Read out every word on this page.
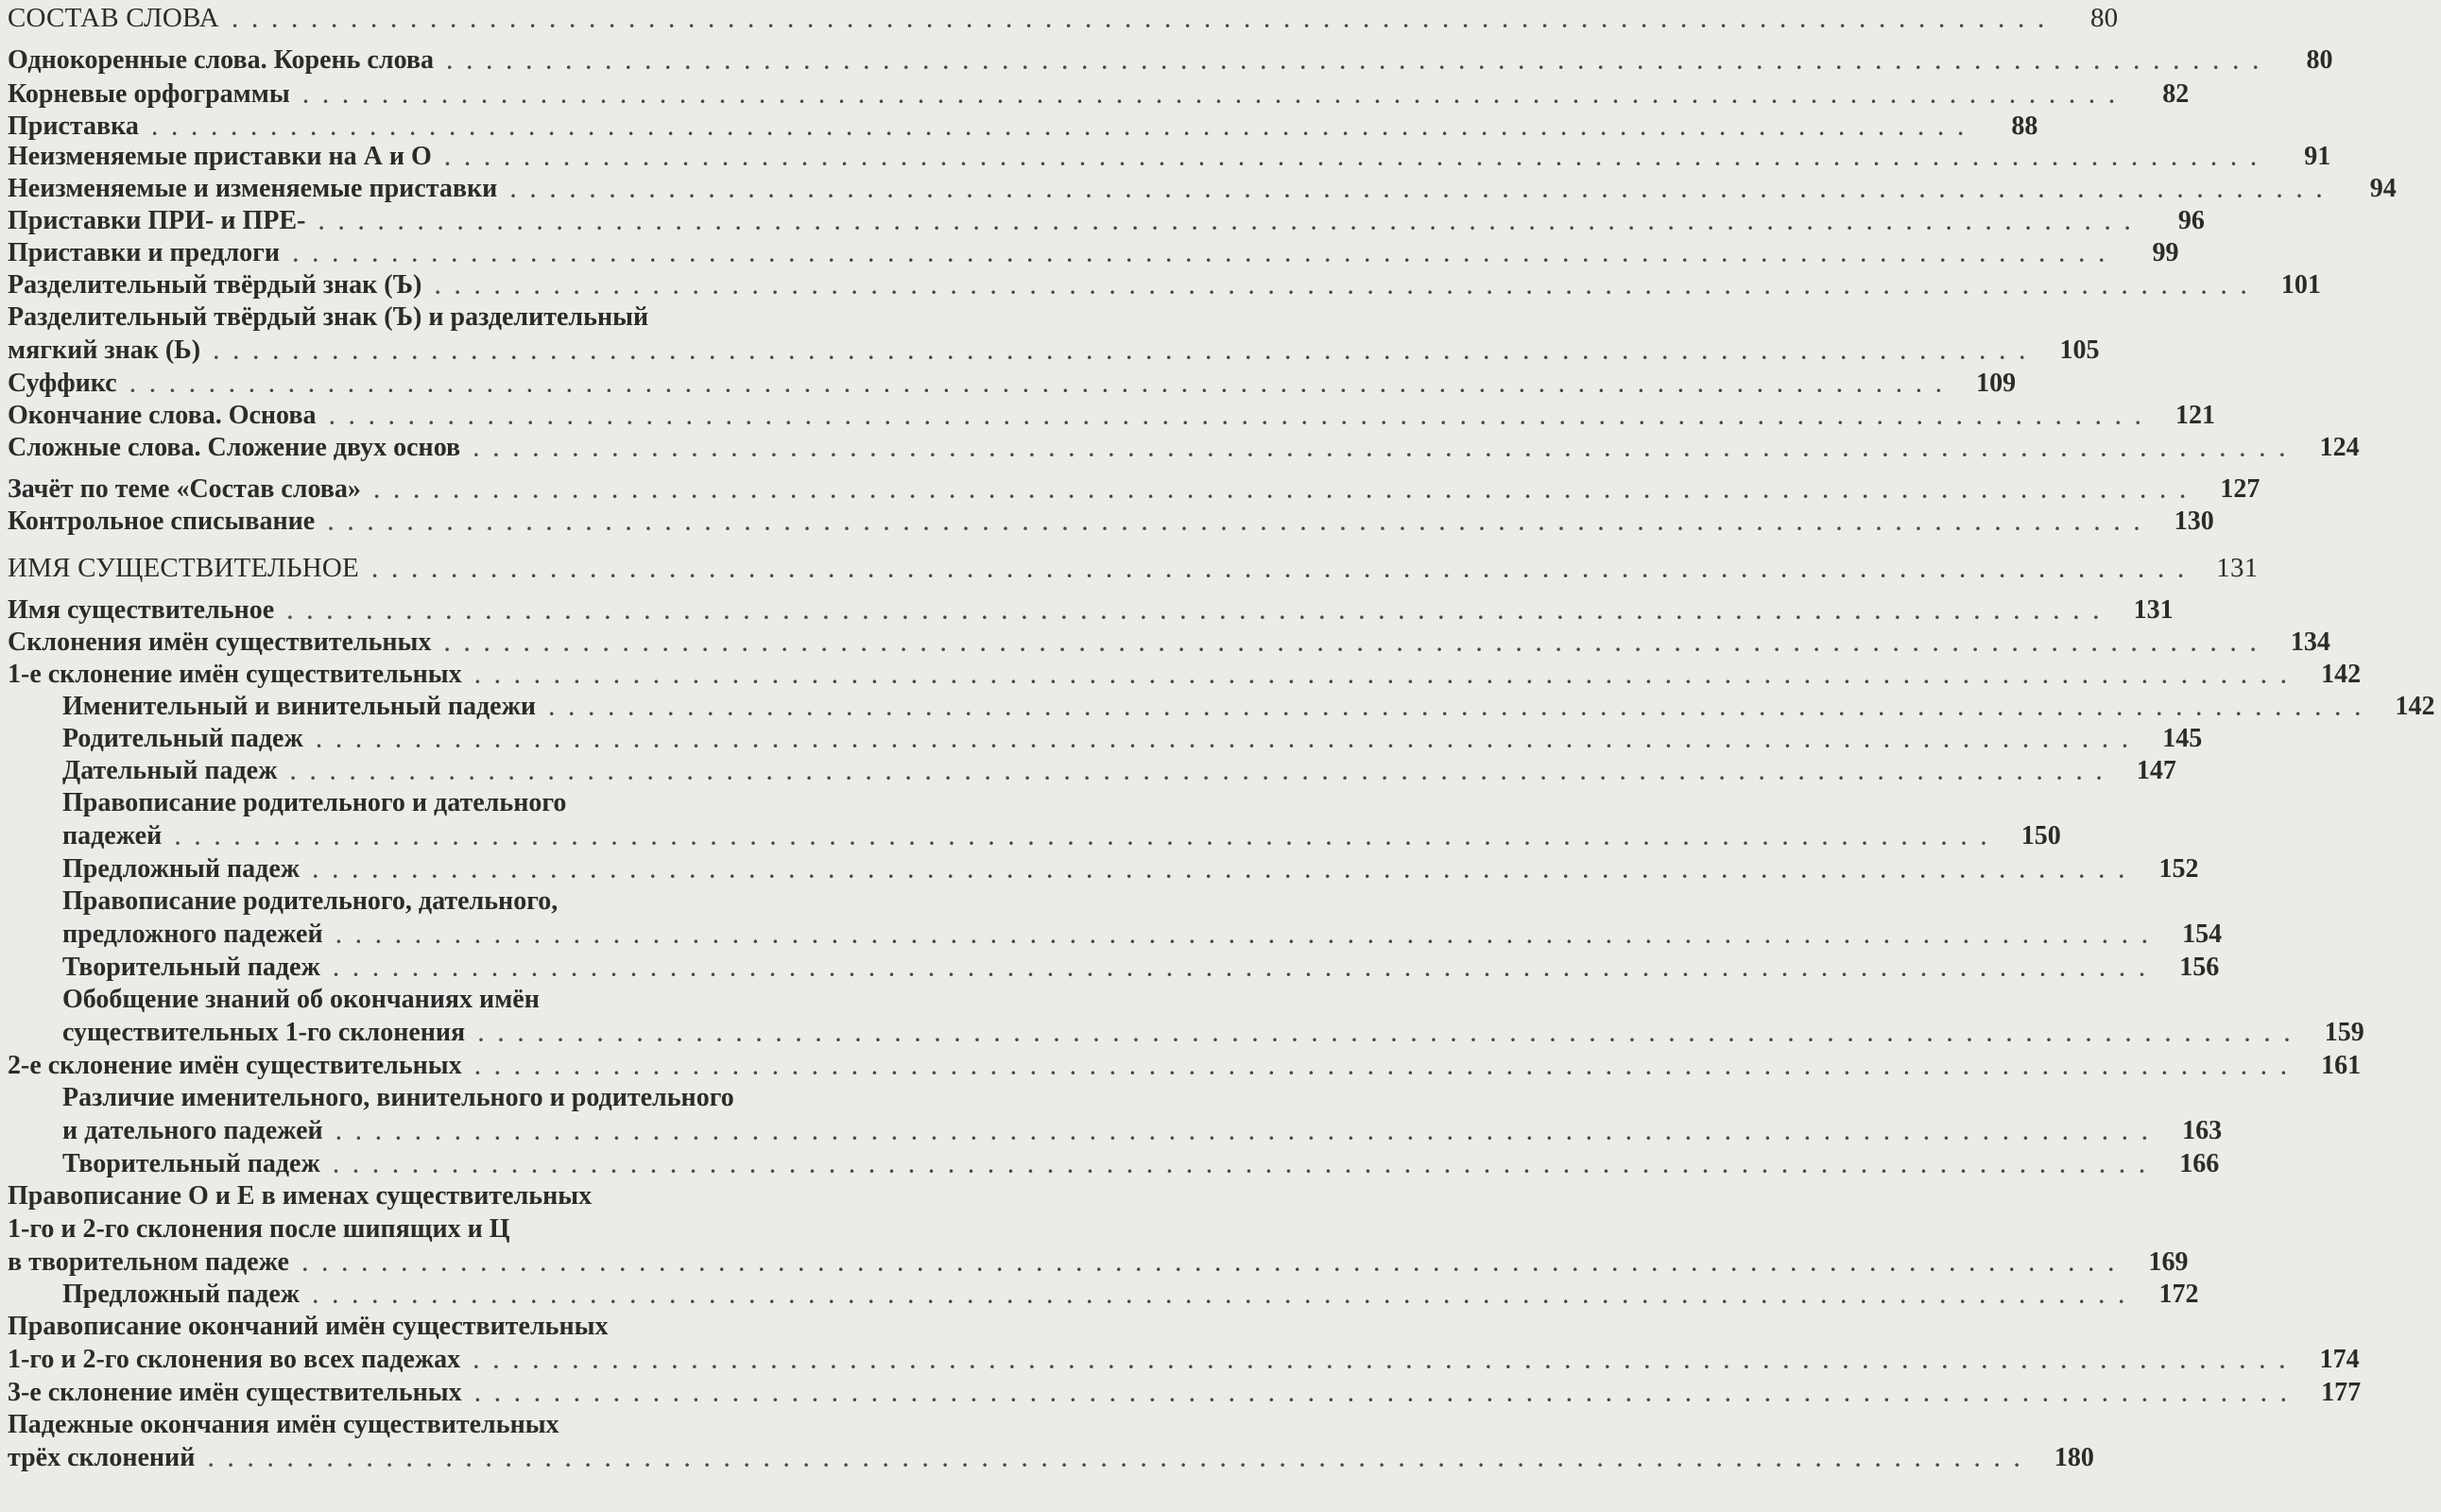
СОСТАВ СЛОВА . . . . . . . . . . . . . . . . . . . . . . . . . . . . . . . . . . . . . . . . . . . . . . . . . . . . . . . . . . . . . . . . . . . . . . . . . . . . . . . . . . . . . . . . . . . .	80
Однокоренные слова. Корень слова . . . . . . . . . . . . . . . . . . . . . . . . . . . . . . . . . . . . . . . . . . . . . . . . . . . . . . . . . . . . . . . . . . . . . . . . . . . . . . . . . . . . . . . . . . . .	80
Корневые орфограммы . . . . . . . . . . . . . . . . . . . . . . . . . . . . . . . . . . . . . . . . . . . . . . . . . . . . . . . . . . . . . . . . . . . . . . . . . . . . . . . . . . . . . . . . . . . .	82
Приставка . . . . . . . . . . . . . . . . . . . . . . . . . . . . . . . . . . . . . . . . . . . . . . . . . . . . . . . . . . . . . . . . . . . . . . . . . . . . . . . . . . . . . . . . . . . .	88
Неизменяемые приставки на А и О . . . . . . . . . . . . . . . . . . . . . . . . . . . . . . . . . . . . . . . . . . . . . . . . . . . . . . . . . . . . . . . . . . . . . . . . . . . . . . . . . . . . . . . . . . . .	91
Неизменяемые и изменяемые приставки . . . . . . . . . . . . . . . . . . . . . . . . . . . . . . . . . . . . . . . . . . . . . . . . . . . . . . . . . . . . . . . . . . . . . . . . . . . . . . . . . . . . . . . . . . . .	94
Приставки ПРИ- и ПРЕ- . . . . . . . . . . . . . . . . . . . . . . . . . . . . . . . . . . . . . . . . . . . . . . . . . . . . . . . . . . . . . . . . . . . . . . . . . . . . . . . . . . . . . . . . . . . .	96
Приставки и предлоги . . . . . . . . . . . . . . . . . . . . . . . . . . . . . . . . . . . . . . . . . . . . . . . . . . . . . . . . . . . . . . . . . . . . . . . . . . . . . . . . . . . . . . . . . . . .	99
Разделительный твёрдый знак (Ъ) . . . . . . . . . . . . . . . . . . . . . . . . . . . . . . . . . . . . . . . . . . . . . . . . . . . . . . . . . . . . . . . . . . . . . . . . . . . . . . . . . . . . . . . . . . . .	101
Разделительный твёрдый знак (Ъ) и разделительный
мягкий знак (Ь) . . . . . . . . . . . . . . . . . . . . . . . . . . . . . . . . . . . . . . . . . . . . . . . . . . . . . . . . . . . . . . . . . . . . . . . . . . . . . . . . . . . . . . . . . . . .	105
Суффикс . . . . . . . . . . . . . . . . . . . . . . . . . . . . . . . . . . . . . . . . . . . . . . . . . . . . . . . . . . . . . . . . . . . . . . . . . . . . . . . . . . . . . . . . . . . .	109
Окончание слова. Основа . . . . . . . . . . . . . . . . . . . . . . . . . . . . . . . . . . . . . . . . . . . . . . . . . . . . . . . . . . . . . . . . . . . . . . . . . . . . . . . . . . . . . . . . . . . .	121
Сложные слова. Сложение двух основ . . . . . . . . . . . . . . . . . . . . . . . . . . . . . . . . . . . . . . . . . . . . . . . . . . . . . . . . . . . . . . . . . . . . . . . . . . . . . . . . . . . . . . . . . . . .	124
Зачёт по теме «Состав слова» . . . . . . . . . . . . . . . . . . . . . . . . . . . . . . . . . . . . . . . . . . . . . . . . . . . . . . . . . . . . . . . . . . . . . . . . . . . . . . . . . . . . . . . . . . . .	127
Контрольное списывание . . . . . . . . . . . . . . . . . . . . . . . . . . . . . . . . . . . . . . . . . . . . . . . . . . . . . . . . . . . . . . . . . . . . . . . . . . . . . . . . . . . . . . . . . . . .	130
ИМЯ СУЩЕСТВИТЕЛЬНОЕ . . . . . . . . . . . . . . . . . . . . . . . . . . . . . . . . . . . . . . . . . . . . . . . . . . . . . . . . . . . . . . . . . . . . . . . . . . . . . . . . . . . . . . . . . . . .	131
Имя существительное . . . . . . . . . . . . . . . . . . . . . . . . . . . . . . . . . . . . . . . . . . . . . . . . . . . . . . . . . . . . . . . . . . . . . . . . . . . . . . . . . . . . . . . . . . . .	131
Склонения имён существительных . . . . . . . . . . . . . . . . . . . . . . . . . . . . . . . . . . . . . . . . . . . . . . . . . . . . . . . . . . . . . . . . . . . . . . . . . . . . . . . . . . . . . . . . . . . .	134
1-е склонение имён существительных . . . . . . . . . . . . . . . . . . . . . . . . . . . . . . . . . . . . . . . . . . . . . . . . . . . . . . . . . . . . . . . . . . . . . . . . . . . . . . . . . . . . . . . . . . . .	142
Именительный и винительный падежи . . . . . . . . . . . . . . . . . . . . . . . . . . . . . . . . . . . . . . . . . . . . . . . . . . . . . . . . . . . . . . . . . . . . . . . . . . . . . . . . . . . . . . . . . . . .	142
Родительный падеж . . . . . . . . . . . . . . . . . . . . . . . . . . . . . . . . . . . . . . . . . . . . . . . . . . . . . . . . . . . . . . . . . . . . . . . . . . . . . . . . . . . . . . . . . . . .	145
Дательный падеж . . . . . . . . . . . . . . . . . . . . . . . . . . . . . . . . . . . . . . . . . . . . . . . . . . . . . . . . . . . . . . . . . . . . . . . . . . . . . . . . . . . . . . . . . . . .	147
Правописание родительного и дательного
падежей . . . . . . . . . . . . . . . . . . . . . . . . . . . . . . . . . . . . . . . . . . . . . . . . . . . . . . . . . . . . . . . . . . . . . . . . . . . . . . . . . . . . . . . . . . . .	150
Предложный падеж . . . . . . . . . . . . . . . . . . . . . . . . . . . . . . . . . . . . . . . . . . . . . . . . . . . . . . . . . . . . . . . . . . . . . . . . . . . . . . . . . . . . . . . . . . . .	152
Правописание родительного, дательного,
предложного падежей . . . . . . . . . . . . . . . . . . . . . . . . . . . . . . . . . . . . . . . . . . . . . . . . . . . . . . . . . . . . . . . . . . . . . . . . . . . . . . . . . . . . . . . . . . . .	154
Творительный падеж . . . . . . . . . . . . . . . . . . . . . . . . . . . . . . . . . . . . . . . . . . . . . . . . . . . . . . . . . . . . . . . . . . . . . . . . . . . . . . . . . . . . . . . . . . . .	156
Обобщение знаний об окончаниях имён
существительных 1-го склонения . . . . . . . . . . . . . . . . . . . . . . . . . . . . . . . . . . . . . . . . . . . . . . . . . . . . . . . . . . . . . . . . . . . . . . . . . . . . . . . . . . . . . . . . . . . .	159
2-е склонение имён существительных . . . . . . . . . . . . . . . . . . . . . . . . . . . . . . . . . . . . . . . . . . . . . . . . . . . . . . . . . . . . . . . . . . . . . . . . . . . . . . . . . . . . . . . . . . . .	161
Различие именительного, винительного и родительного
и дательного падежей . . . . . . . . . . . . . . . . . . . . . . . . . . . . . . . . . . . . . . . . . . . . . . . . . . . . . . . . . . . . . . . . . . . . . . . . . . . . . . . . . . . . . . . . . . . .	163
Творительный падеж . . . . . . . . . . . . . . . . . . . . . . . . . . . . . . . . . . . . . . . . . . . . . . . . . . . . . . . . . . . . . . . . . . . . . . . . . . . . . . . . . . . . . . . . . . . .	166
Правописание О и Е в именах существительных
1-го и 2-го склонения после шипящих и Ц
в творительном падеже . . . . . . . . . . . . . . . . . . . . . . . . . . . . . . . . . . . . . . . . . . . . . . . . . . . . . . . . . . . . . . . . . . . . . . . . . . . . . . . . . . . . . . . . . . . .	169
Предложный падеж . . . . . . . . . . . . . . . . . . . . . . . . . . . . . . . . . . . . . . . . . . . . . . . . . . . . . . . . . . . . . . . . . . . . . . . . . . . . . . . . . . . . . . . . . . . .	172
Правописание окончаний имён существительных
1-го и 2-го склонения во всех падежах . . . . . . . . . . . . . . . . . . . . . . . . . . . . . . . . . . . . . . . . . . . . . . . . . . . . . . . . . . . . . . . . . . . . . . . . . . . . . . . . . . . . . . . . . . . .	174
3-е склонение имён существительных . . . . . . . . . . . . . . . . . . . . . . . . . . . . . . . . . . . . . . . . . . . . . . . . . . . . . . . . . . . . . . . . . . . . . . . . . . . . . . . . . . . . . . . . . . . .	177
Падежные окончания имён существительных
трёх склонений . . . . . . . . . . . . . . . . . . . . . . . . . . . . . . . . . . . . . . . . . . . . . . . . . . . . . . . . . . . . . . . . . . . . . . . . . . . . . . . . . . . . . . . . . . . .	180
